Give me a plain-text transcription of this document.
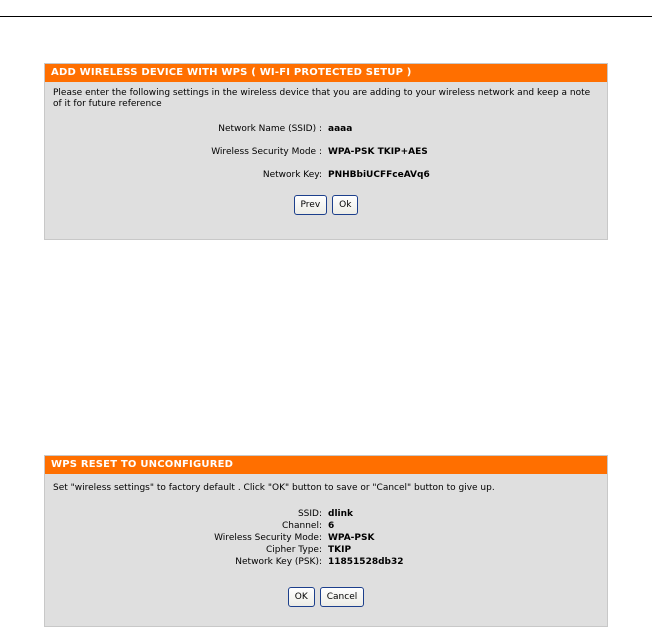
ADD WIRELESS DEVICE WITH WPS ( WI-FI PROTECTED SETUP )
Please enter the following settings in the wireless device that you are adding to your wireless network and keep a note of it for future reference
Network Name (SSID) : aaaa
Wireless Security Mode : WPA-PSK TKIP+AES
Network Key: PNHBbiUCFFceAVq6
Prev	Ok
WPS RESET TO UNCONFIGURED
Set "wireless settings" to factory default . Click "OK" button to save or "Cancel" button to give up.
SSID: dlink
Channel: 6
Wireless Security Mode: WPA-PSK
Cipher Type: TKIP
Network Key (PSK): 11851528db32
OK	Cancel
